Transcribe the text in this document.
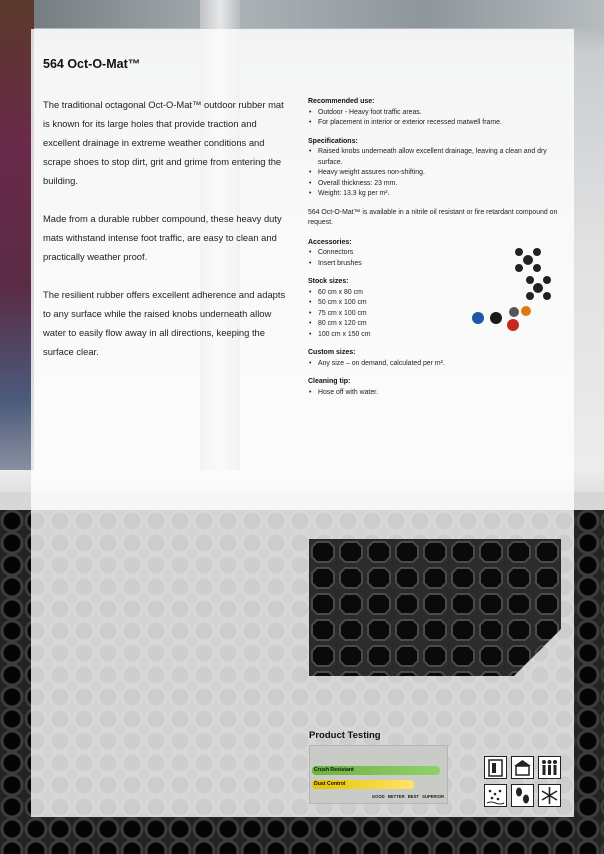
564 Oct-O-Mat™

The traditional octagonal Oct-O-Mat™ outdoor rubber mat is known for its large holes that provide traction and excellent drainage in extreme weather conditions and scrape shoes to stop dirt, grit and grime from entering the building.

Made from a durable rubber compound, these heavy duty mats withstand intense foot traffic, are easy to clean and practically weather proof.

The resilient rubber offers excellent adherence and adapts to any surface while the raised knobs underneath allow water to easily flow away in all directions, keeping the surface clear.

Recommended use:
• Outdoor - Heavy foot traffic areas.
• For placement in interior or exterior recessed matwell frame.
Specifications:
• Raised knobs underneath allow excellent drainage, leaving a clean and dry surface.
• Heavy weight assures non-shifting.
• Overall thickness: 23 mm.
• Weight: 13.3 kg per m².

564 Oct-O-Mat™ is available in a nitrile oil resistant or fire retardant compound on request.

Accessories:
• Connectors
• Insert brushes
Stock sizes:
• 60 cm x 80 cm
• 50 cm x 100 cm
• 75 cm x 100 cm
• 80 cm x 120 cm
• 100 cm x 150 cm
Custom sizes:
• Any size – on demand, calculated per m².
Cleaning tip:
• Hose off with water.
Product Testing
Crush Resistant
Dust Control
GOOD BETTER BEST SUPERIOR
